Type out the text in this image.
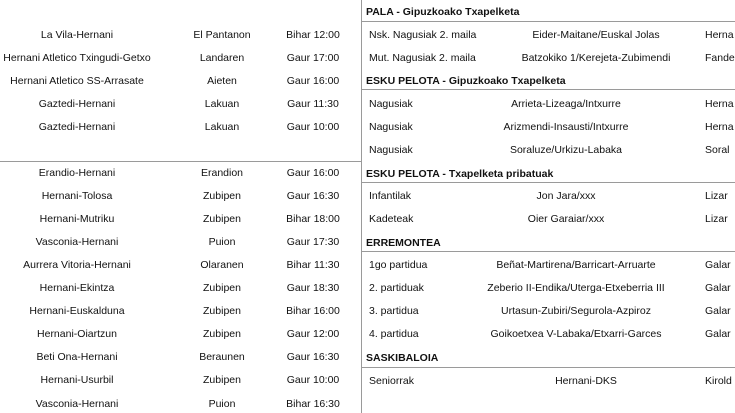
La Vila-Hernani	El Pantanon	Bihar 12:00
Hernani Atletico Txingudi-Getxo	Landaren	Gaur 17:00
Hernani Atletico SS-Arrasate	Aieten	Gaur 16:00
Gaztedi-Hernani	Lakuan	Gaur 11:30
Gaztedi-Hernani	Lakuan	Gaur 10:00
Erandio-Hernani	Erandion	Gaur 16:00
Hernani-Tolosa	Zubipen	Gaur 16:30
Hernani-Mutriku	Zubipen	Bihar 18:00
Vasconia-Hernani	Puion	Gaur 17:30
Aurrera Vitoria-Hernani	Olaranen	Bihar 11:30
Hernani-Ekintza	Zubipen	Gaur 18:30
Hernani-Euskalduna	Zubipen	Bihar 16:00
Hernani-Oiartzun	Zubipen	Gaur 12:00
Beti Ona-Hernani	Beraunen	Gaur 16:30
Hernani-Usurbil	Zubipen	Gaur 10:00
Vasconia-Hernani	Puion	Bihar 16:30
PALA - Gipuzkoako Txapelketa
Nsk. Nagusiak 2. maila	Eider-Maitane/Euskal Jolas	Herna
Mut. Nagusiak 2. maila	Batzokiko 1/Kerejeta-Zubimendi	Fande
ESKU PELOTA - Gipuzkoako Txapelketa
Nagusiak	Arrieta-Lizeaga/Intxurre	Herna
Nagusiak	Arizmendi-Insausti/Intxurre	Herna
Nagusiak	Soraluze/Urkizu-Labaka	Soral
ESKU PELOTA - Txapelketa pribatuak
Infantilak	Jon Jara/xxx	Lizar
Kadeteak	Oier Garaiar/xxx	Lizar
ERREMONTEA
1go partidua	Beñat-Martirena/Barricart-Arruarte	Galar
2. partiduak	Zeberio II-Endika/Uterga-Etxeberria III	Galar
3. partidua	Urtasun-Zubiri/Segurola-Azpiroz	Galar
4. partidua	Goikoetxea V-Labaka/Etxarri-Garces	Galar
SASKIBALOIA
Seniorrak	Hernani-DKS	Kirold
